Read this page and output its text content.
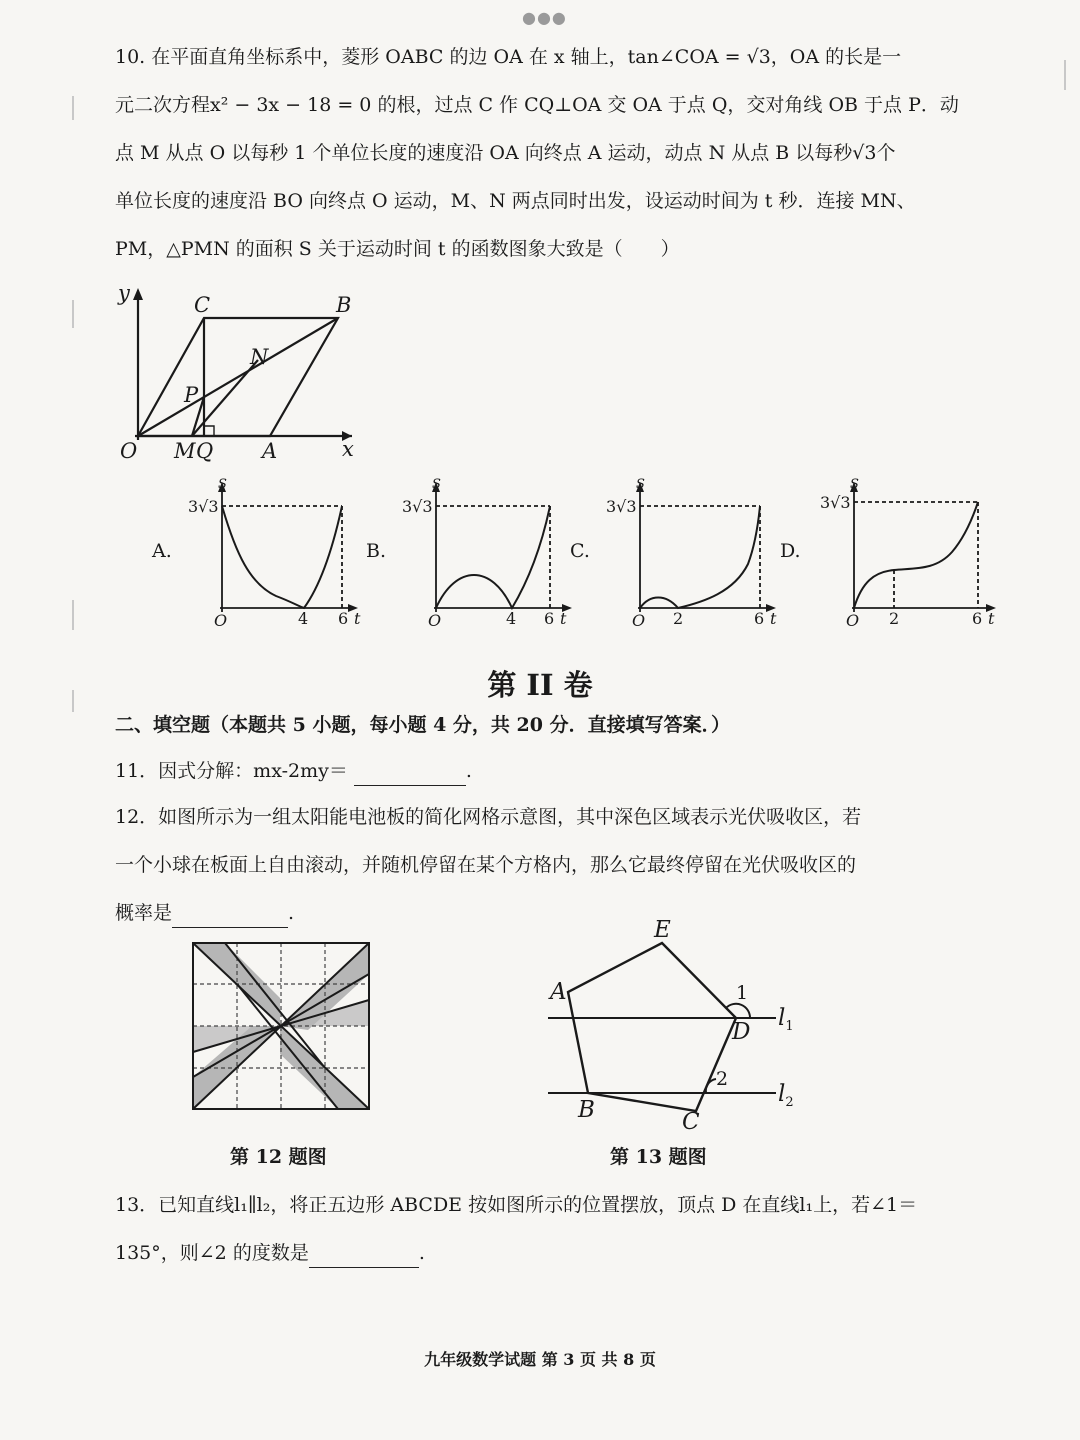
●●●
10. 在平面直角坐标系中，菱形 OABC 的边 OA 在 x 轴上，tan∠COA = √3，OA 的长是一
元二次方程x² − 3x − 18 = 0 的根，过点 C 作 CQ⊥OA 交 OA 于点 Q，交对角线 OB 于点 P．动
点 M 从点 O 以每秒 1 个单位长度的速度沿 OA 向终点 A 运动，动点 N 从点 B 以每秒√3个
单位长度的速度沿 BO 向终点 O 运动，M、N 两点同时出发，设运动时间为 t 秒．连接 MN、
PM，△PMN 的面积 S 关于运动时间 t 的函数图象大致是（　　）
y
O M Q A	x
C	B
N
P
A.	B.	C.	D.
S
3√3
O	4 6 t
S
3√3
O	4 6 t
S
3√3
O 2	6 t
S
3√3
O 2	6 t
第 II 卷
二、填空题（本题共 5 小题，每小题 4 分，共 20 分．直接填写答案．）
11．因式分解：mx-2my＝	.
12．如图所示为一组太阳能电池板的简化网格示意图，其中深色区域表示光伏吸收区，若
一个小球在板面上自由滚动，并随机停留在某个方格内，那么它最终停留在光伏吸收区的
概率是	.
第 12 题图
E
A
D
B	C
1
2
$l_1$
$l_2$
第 13 题图
13．已知直线l₁∥l₂，将正五边形 ABCDE 按如图所示的位置摆放，顶点 D 在直线l₁上，若∠1＝
135°，则∠2 的度数是	.
九年级数学试题 第 3 页 共 8 页
